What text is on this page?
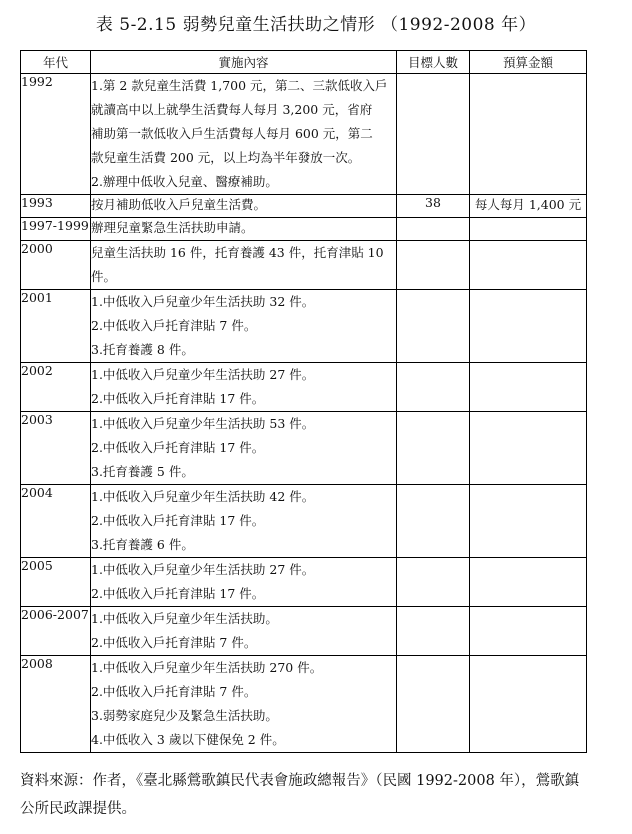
表 5-2.15 弱勢兒童生活扶助之情形 （1992-2008 年）
年代	實施內容	目標人數	預算金額
1992	1.第 2 款兒童生活費 1,700 元，第二、三款低收入戶
就讀高中以上就學生活費每人每月 3,200 元，省府
補助第一款低收入戶生活費每人每月 600 元，第二
款兒童生活費 200 元，以上均為半年發放一次。
2.辦理中低收入兒童、醫療補助。		

1993	按月補助低收入戶兒童生活費。	38	每人每月 1,400 元
1997-1999	辦理兒童緊急生活扶助申請。		

2000	兒童生活扶助 16 件，托育養護 43 件，托育津貼 10
件。		

2001	1.中低收入戶兒童少年生活扶助 32 件。
2.中低收入戶托育津貼 7 件。
3.托育養護 8 件。		

2002	1.中低收入戶兒童少年生活扶助 27 件。
2.中低收入戶托育津貼 17 件。		

2003	1.中低收入戶兒童少年生活扶助 53 件。
2.中低收入戶托育津貼 17 件。
3.托育養護 5 件。		

2004	1.中低收入戶兒童少年生活扶助 42 件。
2.中低收入戶托育津貼 17 件。
3.托育養護 6 件。		

2005	1.中低收入戶兒童少年生活扶助 27 件。
2.中低收入戶托育津貼 17 件。		

2006-2007	1.中低收入戶兒童少年生活扶助。
2.中低收入戶托育津貼 7 件。		

2008	1.中低收入戶兒童少年生活扶助 270 件。
2.中低收入戶托育津貼 7 件。
3.弱勢家庭兒少及緊急生活扶助。
4.中低收入 3 歲以下健保免 2 件。		

資料來源：作者，《臺北縣鶯歌鎮民代表會施政總報告》（民國 1992-2008 年），鶯歌鎮
公所民政課提供。
